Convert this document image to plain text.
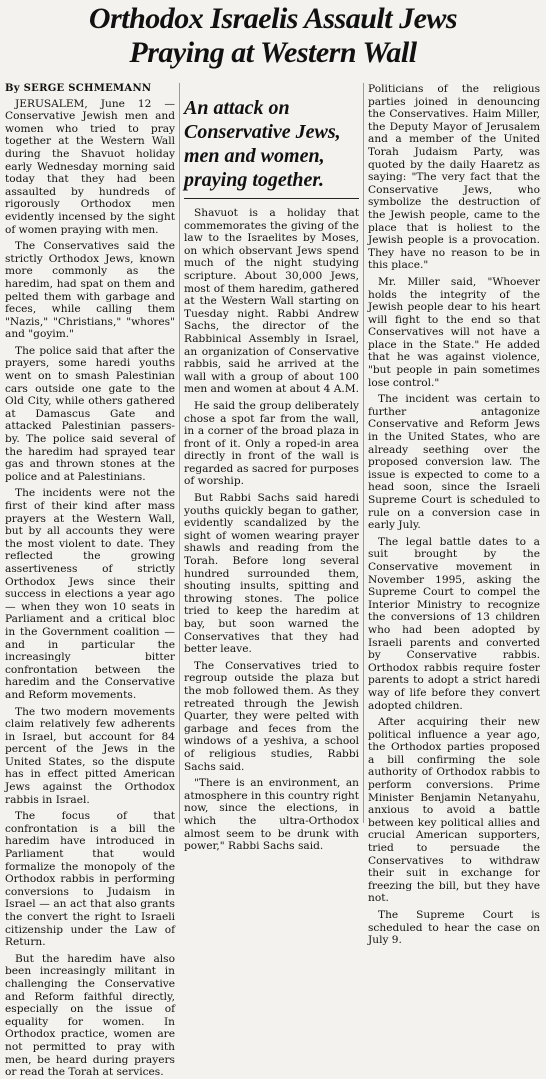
Orthodox Israelis Assault Jews
Praying at Western Wall
By SERGE SCHMEMANN

JERUSALEM, June 12 — Conservative Jewish men and women who tried to pray together at the Western Wall during the Shavuot holiday early Wednesday morning said today that they had been assaulted by hundreds of rigorously Orthodox men evidently incensed by the sight of women praying with men.

The Conservatives said the strictly Orthodox Jews, known more commonly as the haredim, had spat on them and pelted them with garbage and feces, while calling them "Nazis," "Christians," "whores" and "goyim."

The police said that after the prayers, some haredi youths went on to smash Palestinian cars outside one gate to the Old City, while others gathered at Damascus Gate and attacked Palestinian passers-by. The police said several of the haredim had sprayed tear gas and thrown stones at the police and at Palestinians.

The incidents were not the first of their kind after mass prayers at the Western Wall, but by all accounts they were the most violent to date. They reflected the growing assertiveness of strictly Orthodox Jews since their success in elections a year ago — when they won 10 seats in Parliament and a critical bloc in the Government coalition — and in particular the increasingly bitter confrontation between the haredim and the Conservative and Reform movements.

The two modern movements claim relatively few adherents in Israel, but account for 84 percent of the Jews in the United States, so the dispute has in effect pitted American Jews against the Orthodox rabbis in Israel.

The focus of that confrontation is a bill the haredim have introduced in Parliament that would formalize the monopoly of the Orthodox rabbis in performing conversions to Judaism in Israel — an act that also grants the convert the right to Israeli citizenship under the Law of Return.

But the haredim have also been increasingly militant in challenging the Conservative and Reform faithful directly, especially on the issue of equality for women. In Orthodox practice, women are not permitted to pray with men, be heard during prayers or read the Torah at services.

An attack on Conservative Jews, men and women, praying together.

Shavuot is a holiday that commemorates the giving of the law to the Israelites by Moses, on which observant Jews spend much of the night studying scripture. About 30,000 Jews, most of them haredim, gathered at the Western Wall starting on Tuesday night. Rabbi Andrew Sachs, the director of the Rabbinical Assembly in Israel, an organization of Conservative rabbis, said he arrived at the wall with a group of about 100 men and women at about 4 A.M.

He said the group deliberately chose a spot far from the wall, in a corner of the broad plaza in front of it. Only a roped-in area directly in front of the wall is regarded as sacred for purposes of worship.

But Rabbi Sachs said haredi youths quickly began to gather, evidently scandalized by the sight of women wearing prayer shawls and reading from the Torah. Before long several hundred surrounded them, shouting insults, spitting and throwing stones. The police tried to keep the haredim at bay, but soon warned the Conservatives that they had better leave.

The Conservatives tried to regroup outside the plaza but the mob followed them. As they retreated through the Jewish Quarter, they were pelted with garbage and feces from the windows of a yeshiva, a school of religious studies, Rabbi Sachs said.

"There is an environment, an atmosphere in this country right now, since the elections, in which the ultra-Orthodox almost seem to be drunk with power," Rabbi Sachs said.

Politicians of the religious parties joined in denouncing the Conservatives. Haim Miller, the Deputy Mayor of Jerusalem and a member of the United Torah Judaism Party, was quoted by the daily Haaretz as saying: "The very fact that the Conservative Jews, who symbolize the destruction of the Jewish people, came to the place that is holiest to the Jewish people is a provocation. They have no reason to be in this place."

Mr. Miller said, "Whoever holds the integrity of the Jewish people dear to his heart will fight to the end so that Conservatives will not have a place in the State." He added that he was against violence, "but people in pain sometimes lose control."

The incident was certain to further antagonize Conservative and Reform Jews in the United States, who are already seething over the proposed conversion law. The issue is expected to come to a head soon, since the Israeli Supreme Court is scheduled to rule on a conversion case in early July.

The legal battle dates to a suit brought by the Conservative movement in November 1995, asking the Supreme Court to compel the Interior Ministry to recognize the conversions of 13 children who had been adopted by Israeli parents and converted by Conservative rabbis. Orthodox rabbis require foster parents to adopt a strict haredi way of life before they convert adopted children.

After acquiring their new political influence a year ago, the Orthodox parties proposed a bill confirming the sole authority of Orthodox rabbis to perform conversions. Prime Minister Benjamin Netanyahu, anxious to avoid a battle between key political allies and crucial American supporters, tried to persuade the Conservatives to withdraw their suit in exchange for freezing the bill, but they have not.

The Supreme Court is scheduled to hear the case on July 9.
